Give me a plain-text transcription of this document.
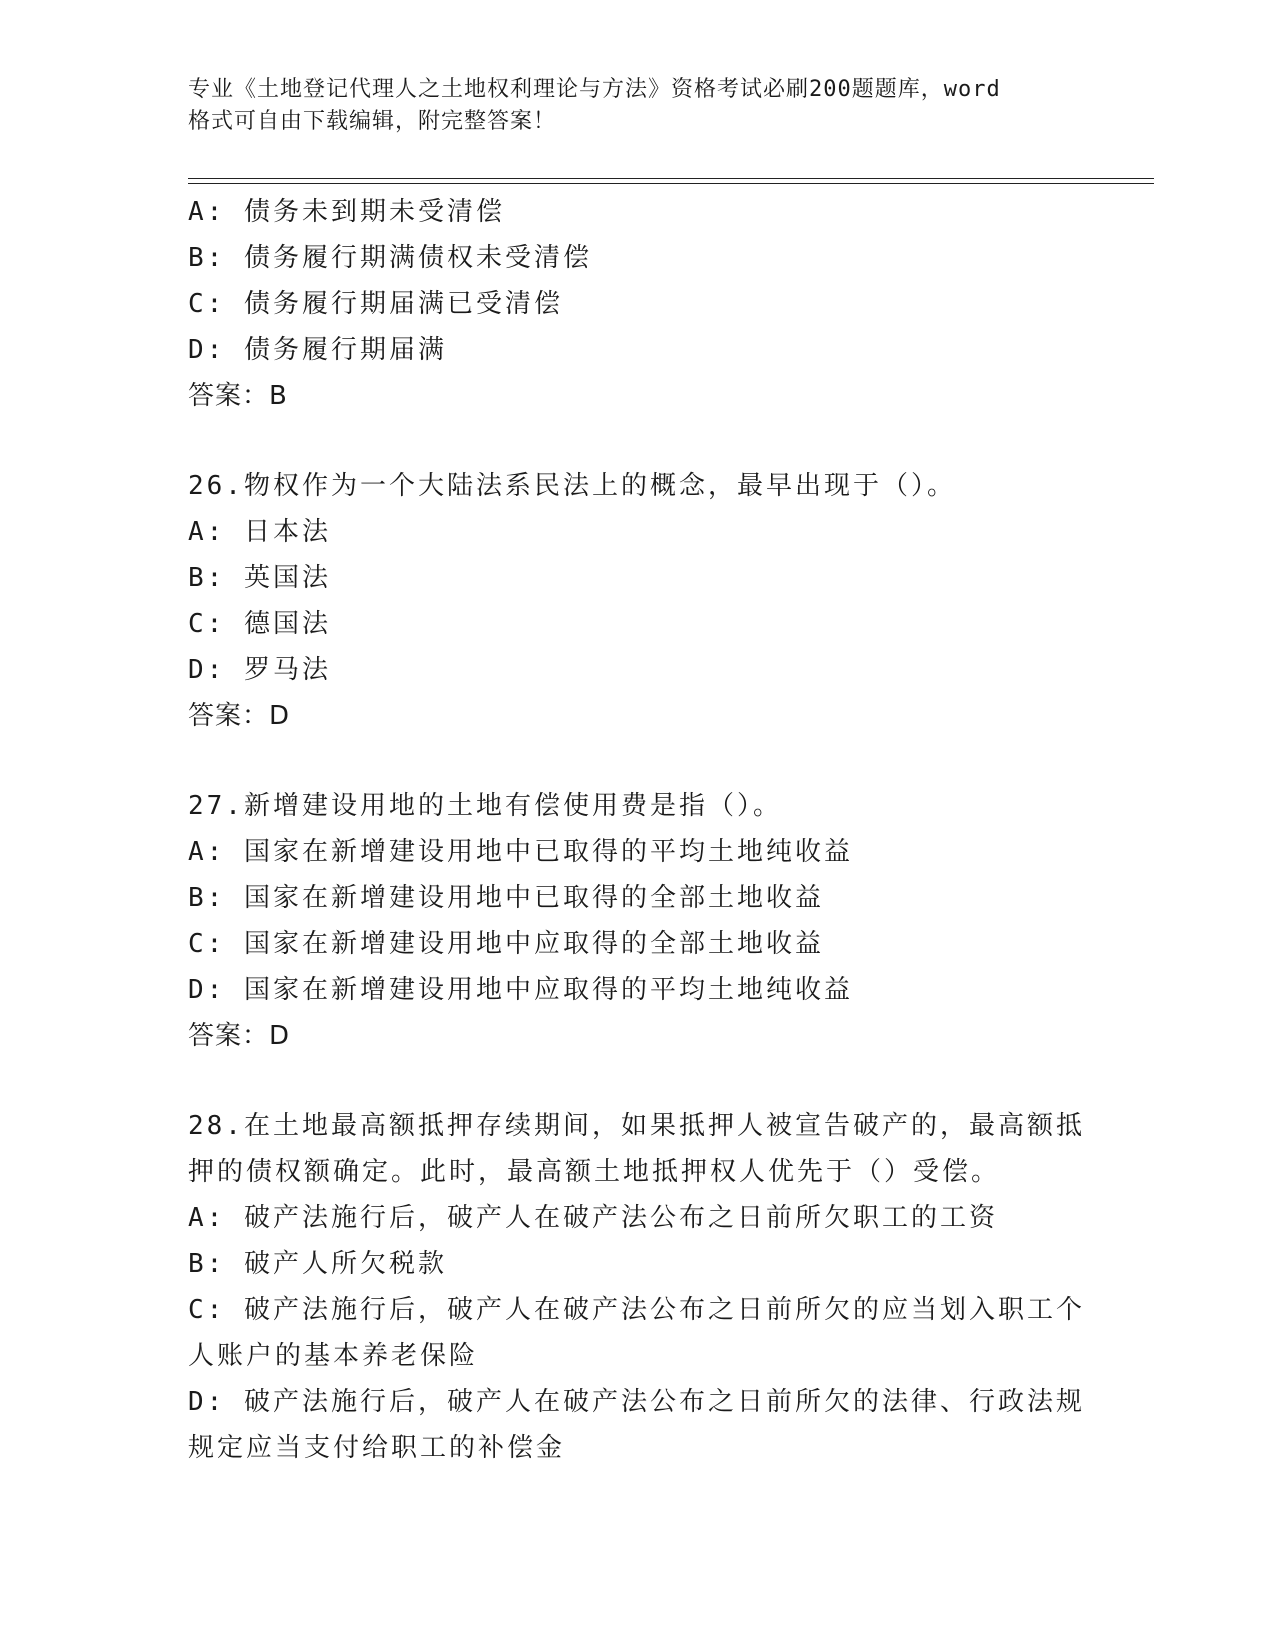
专业《土地登记代理人之土地权利理论与方法》资格考试必刷200题题库，word
格式可自由下载编辑，附完整答案！
A: 债务未到期未受清偿
B: 债务履行期满债权未受清偿
C: 债务履行期届满已受清偿
D: 债务履行期届满
答案：B
26.物权作为一个大陆法系民法上的概念，最早出现于（）。
A: 日本法
B: 英国法
C: 德国法
D: 罗马法
答案：D
27.新增建设用地的土地有偿使用费是指（）。
A: 国家在新增建设用地中已取得的平均土地纯收益
B: 国家在新增建设用地中已取得的全部土地收益
C: 国家在新增建设用地中应取得的全部土地收益
D: 国家在新增建设用地中应取得的平均土地纯收益
答案：D
28.在土地最高额抵押存续期间，如果抵押人被宣告破产的，最高额抵
押的债权额确定。此时，最高额土地抵押权人优先于（）受偿。
A: 破产法施行后，破产人在破产法公布之日前所欠职工的工资
B: 破产人所欠税款
C: 破产法施行后，破产人在破产法公布之日前所欠的应当划入职工个
人账户的基本养老保险
D: 破产法施行后，破产人在破产法公布之日前所欠的法律、行政法规
规定应当支付给职工的补偿金
